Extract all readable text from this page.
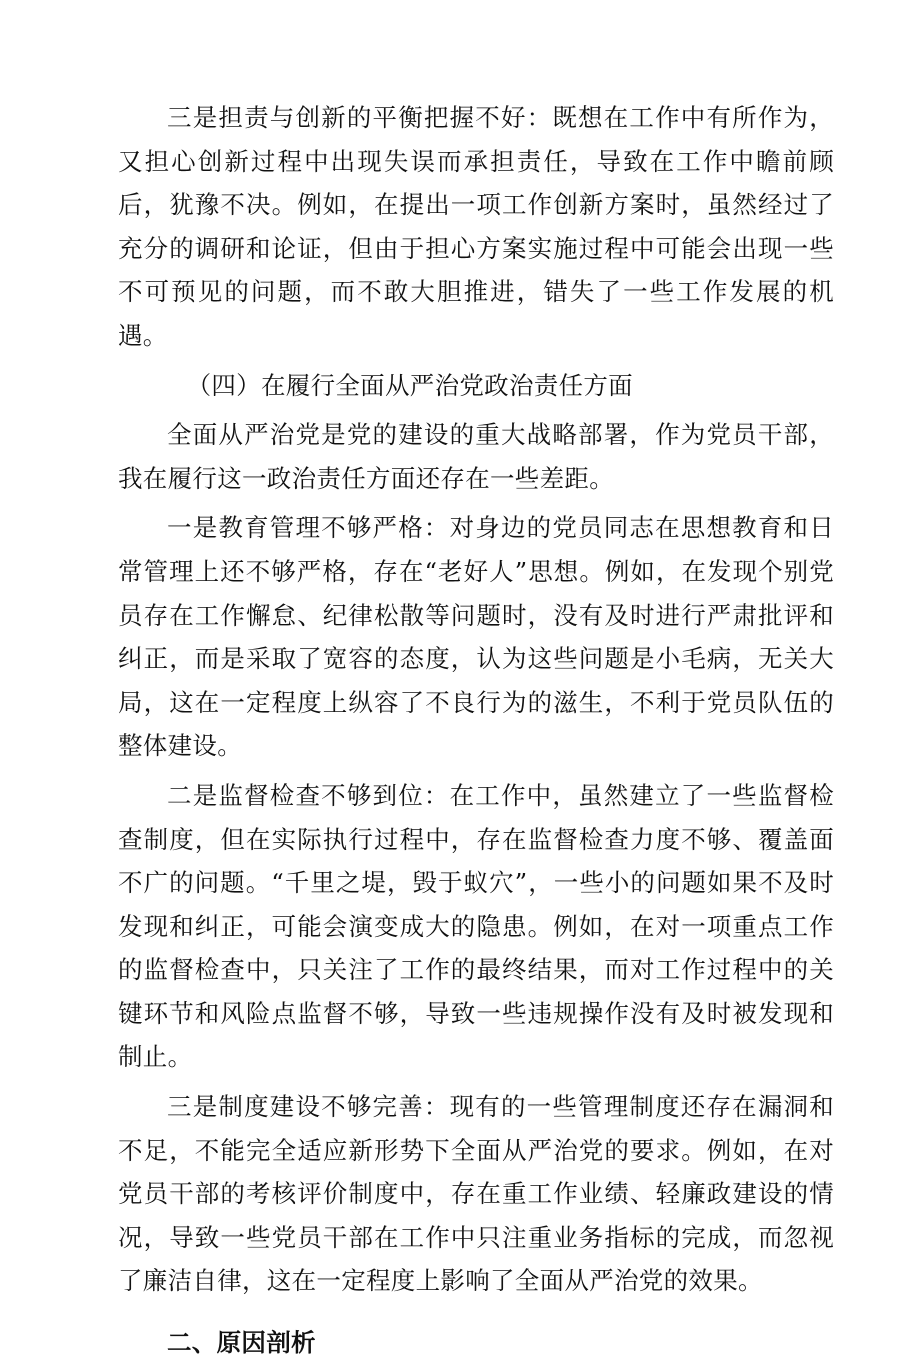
三是担责与创新的平衡把握不好：既想在工作中有所作为，又担心创新过程中出现失误而承担责任，导致在工作中瞻前顾后，犹豫不决。例如，在提出一项工作创新方案时，虽然经过了充分的调研和论证，但由于担心方案实施过程中可能会出现一些不可预见的问题，而不敢大胆推进，错失了一些工作发展的机遇。

（四）在履行全面从严治党政治责任方面

全面从严治党是党的建设的重大战略部署，作为党员干部，我在履行这一政治责任方面还存在一些差距。

一是教育管理不够严格：对身边的党员同志在思想教育和日常管理上还不够严格，存在“老好人”思想。例如，在发现个别党员存在工作懈怠、纪律松散等问题时，没有及时进行严肃批评和纠正，而是采取了宽容的态度，认为这些问题是小毛病，无关大局，这在一定程度上纵容了不良行为的滋生，不利于党员队伍的整体建设。

二是监督检查不够到位：在工作中，虽然建立了一些监督检查制度，但在实际执行过程中，存在监督检查力度不够、覆盖面不广的问题。“千里之堤，毁于蚁穴”，一些小的问题如果不及时发现和纠正，可能会演变成大的隐患。例如，在对一项重点工作的监督检查中，只关注了工作的最终结果，而对工作过程中的关键环节和风险点监督不够，导致一些违规操作没有及时被发现和制止。

三是制度建设不够完善：现有的一些管理制度还存在漏洞和不足，不能完全适应新形势下全面从严治党的要求。例如，在对党员干部的考核评价制度中，存在重工作业绩、轻廉政建设的情况，导致一些党员干部在工作中只注重业务指标的完成，而忽视了廉洁自律，这在一定程度上影响了全面从严治党的效果。

二、原因剖析
